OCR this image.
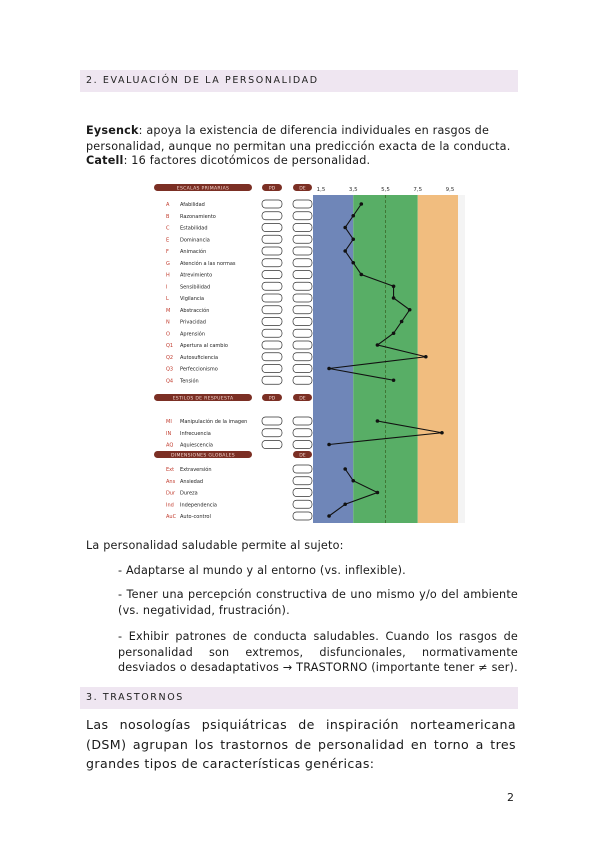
2. EVALUACIÓN DE LA PERSONALIDAD
Eysenck: apoya la existencia de diferencia individuales en rasgos de personalidad, aunque no permitan una predicción exacta de la conducta.
Catell: 16 factores dicotómicos de personalidad.
1,5	3,5	5,5	7,5	9,5
ESCALAS PRIMARIAS	PD	DE
A Afabilidad
B Razonamiento
C Estabilidad
E Dominancia
F Animación
G Atención a las normas
H Atrevimiento
I	Sensibilidad
L Vigilancia
M Abstracción
N Privacidad
O Aprensión
Q1 Apertura al cambio
Q2 Autosuficiencia
Q3 Perfeccionismo
Q4 Tensión
ESTILOS DE RESPUESTA	PD	DE
MI Manipulación de la imagen
IN Infrecuencia
AQ Aquiescencia
DIMENSIONES GLOBALES	DE
Ext Extraversión
Ans Ansiedad
Dur Dureza
Ind Independencia
AuC Auto-control
La personalidad saludable permite al sujeto:
- Adaptarse al mundo y al entorno (vs. inflexible).
- Tener una percepción constructiva de uno mismo y/o del ambiente (vs. negatividad, frustración).
- Exhibir patrones de conducta saludables. Cuando los rasgos de personalidad son extremos, disfuncionales, normativamente desviados o desadaptativos → TRASTORNO (importante tener ≠ ser).
3. TRASTORNOS
Las nosologías psiquiátricas de inspiración norteamericana (DSM) agrupan los trastornos de personalidad en torno a tres grandes tipos de características genéricas:
2
